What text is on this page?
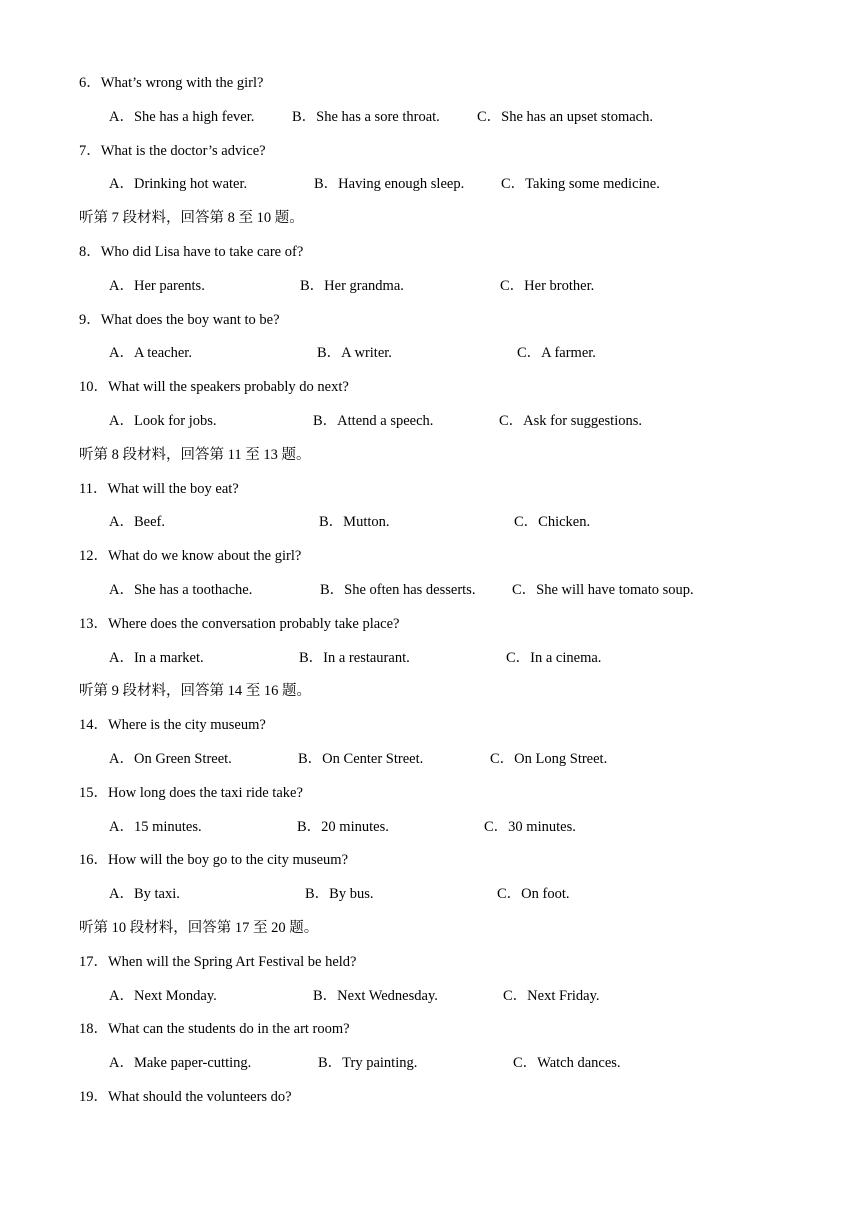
6．What’s wrong with the girl?
A．She has a high fever.	B．She has a sore throat.	C．She has an upset stomach.
7．What is the doctor’s advice?
A．Drinking hot water.	B．Having enough sleep.	C．Taking some medicine.
听第 7 段材料，回答第 8 至 10 题。
8．Who did Lisa have to take care of?
A．Her parents.	B．Her grandma.	C．Her brother.
9．What does the boy want to be?
A．A teacher.	B．A writer.	C．A farmer.
10．What will the speakers probably do next?
A．Look for jobs.	B．Attend a speech.	C．Ask for suggestions.
听第 8 段材料，回答第 11 至 13 题。
11．What will the boy eat?
A．Beef.	B．Mutton.	C．Chicken.
12．What do we know about the girl?
A．She has a toothache.	B．She often has desserts.	C．She will have tomato soup.
13．Where does the conversation probably take place?
A．In a market.	B．In a restaurant.	C．In a cinema.
听第 9 段材料，回答第 14 至 16 题。
14．Where is the city museum?
A．On Green Street.	B．On Center Street.	C．On Long Street.
15．How long does the taxi ride take?
A．15 minutes.	B．20 minutes.	C．30 minutes.
16．How will the boy go to the city museum?
A．By taxi.	B．By bus.	C．On foot.
听第 10 段材料，回答第 17 至 20 题。
17．When will the Spring Art Festival be held?
A．Next Monday.	B．Next Wednesday.	C．Next Friday.
18．What can the students do in the art room?
A．Make paper-cutting.	B．Try painting.	C．Watch dances.
19．What should the volunteers do?
